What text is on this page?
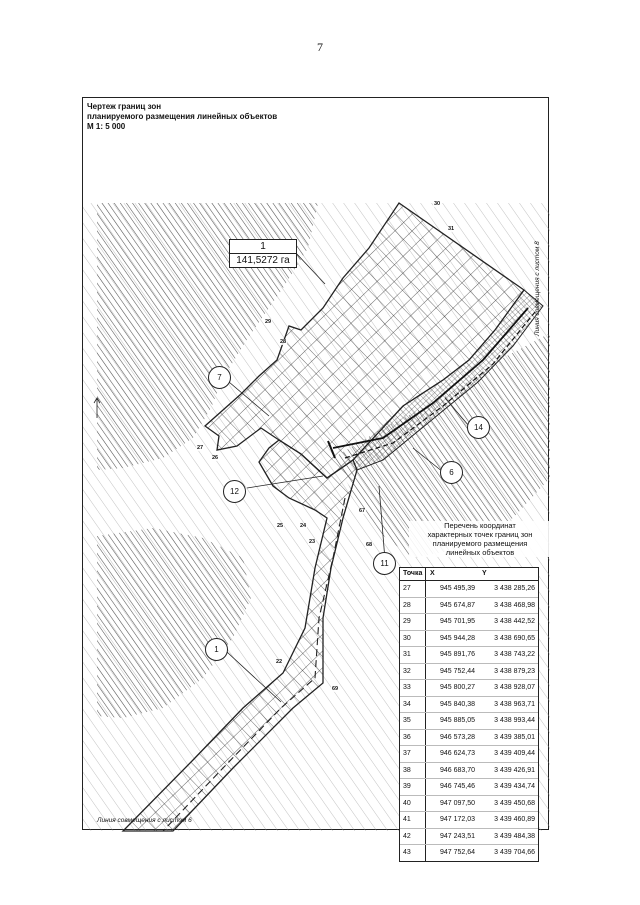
7
Чертеж границ зон
планируемого размещения линейных объектов
М 1: 5 000
1
141,5272 га
7
12
1
11
14
6
30
31
29
28
27
26
25	24
23
22
67
68
69
Линия совмещения с листом 8
Линия совмещения с листом 6
Перечень координат
характерных точек границ зон
планируемого размещения
линейных объектов
Точка	X	Y
27	945 495,39	3 438 285,26
28	945 674,87	3 438 468,98
29	945 701,95	3 438 442,52
30	945 944,28	3 438 690,65
31	945 891,76	3 438 743,22
32	945 752,44	3 438 879,23
33	945 800,27	3 438 928,07
34	945 840,38	3 438 963,71
35	945 885,05	3 438 993,44
36	946 573,28	3 439 385,01
37	946 624,73	3 439 409,44
38	946 683,70	3 439 426,91
39	946 745,46	3 439 434,74
40	947 097,50	3 439 450,68
41	947 172,03	3 439 460,89
42	947 243,51	3 439 484,38
43	947 752,64	3 439 704,66
